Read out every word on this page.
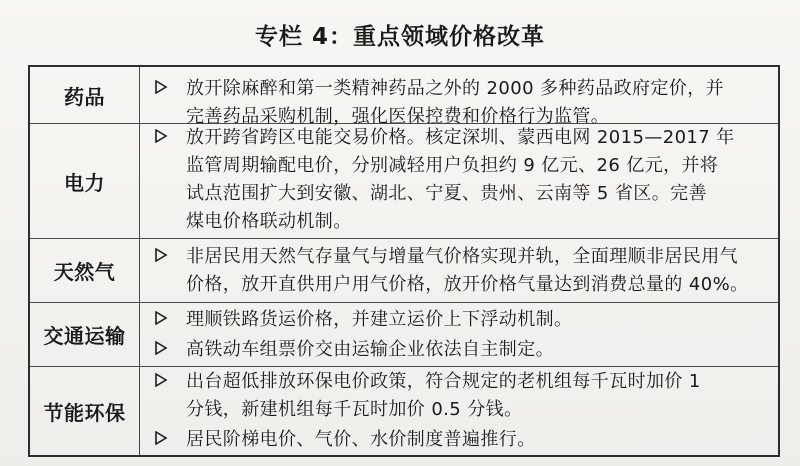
专栏 4：重点领域价格改革
药品	放开除麻醉和第一类精神药品之外的 2000 多种药品政府定价，并
完善药品采购机制，强化医保控费和价格行为监管。
电力
放开跨省跨区电能交易价格。核定深圳、蒙西电网 2015—2017 年
监管周期输配电价，分别减轻用户负担约 9 亿元、26 亿元，并将
试点范围扩大到安徽、湖北、宁夏、贵州、云南等 5 省区。完善
煤电价格联动机制。
天然气
非居民用天然气存量气与增量气价格实现并轨，全面理顺非居民用气
价格，放开直供用户用气价格，放开价格气量达到消费总量的 40%。
交通运输
理顺铁路货运价格，并建立运价上下浮动机制。
高铁动车组票价交由运输企业依法自主制定。
节能环保
出台超低排放环保电价政策，符合规定的老机组每千瓦时加价 1
分钱，新建机组每千瓦时加价 0.5 分钱。
居民阶梯电价、气价、水价制度普遍推行。
